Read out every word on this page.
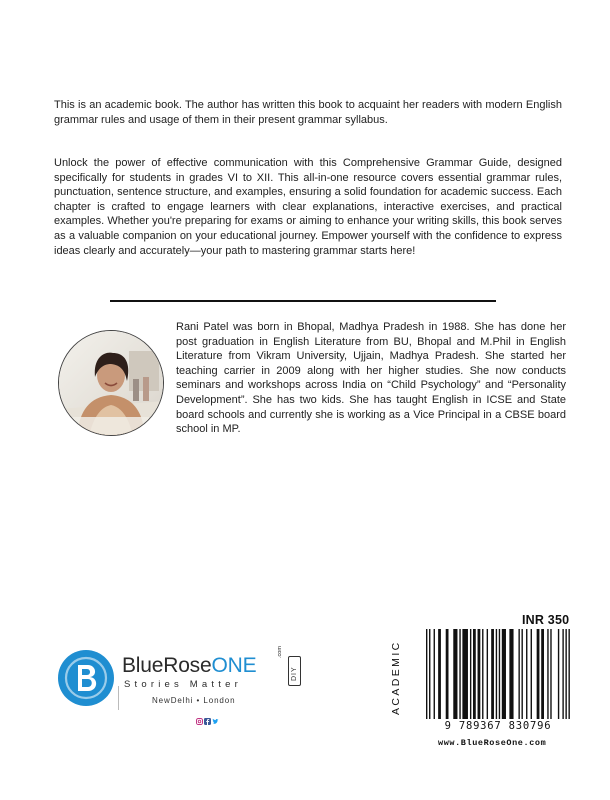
This is an academic book. The author has written this book to acquaint her readers with modern English grammar rules and usage of them in their present grammar syllabus.

Unlock the power of effective communication with this Comprehensive Grammar Guide, designed specifically for students in grades VI to XII. This all-in-one resource covers essential grammar rules, punctuation, sentence structure, and examples, ensuring a solid foundation for academic success. Each chapter is crafted to engage learners with clear explanations, interactive exercises, and practical examples. Whether you're preparing for exams or aiming to enhance your writing skills, this book serves as a valuable companion on your educational journey. Empower yourself with the confidence to express ideas clearly and accurately—your path to mastering grammar starts here!

Rani Patel was born in Bhopal, Madhya Pradesh in 1988. She has done her post graduation in English Literature from BU, Bhopal and M.Phil in English Literature from Vikram University, Ujjain, Madhya Pradesh. She started her teaching carrier in 2009 along with her higher studies. She now conducts seminars and workshops across India on “Child Psychology” and “Personality Development”. She has two kids. She has taught English in ICSE and State board schools and currently she is working as a Vice Principal in a CBSE board school in MP.

INR 350
ACADEMIC
9 789367 830796
www.BlueRoseOne.com
BlueRoseONE
.com
DIY
Stories Matter
NewDelhi • London
